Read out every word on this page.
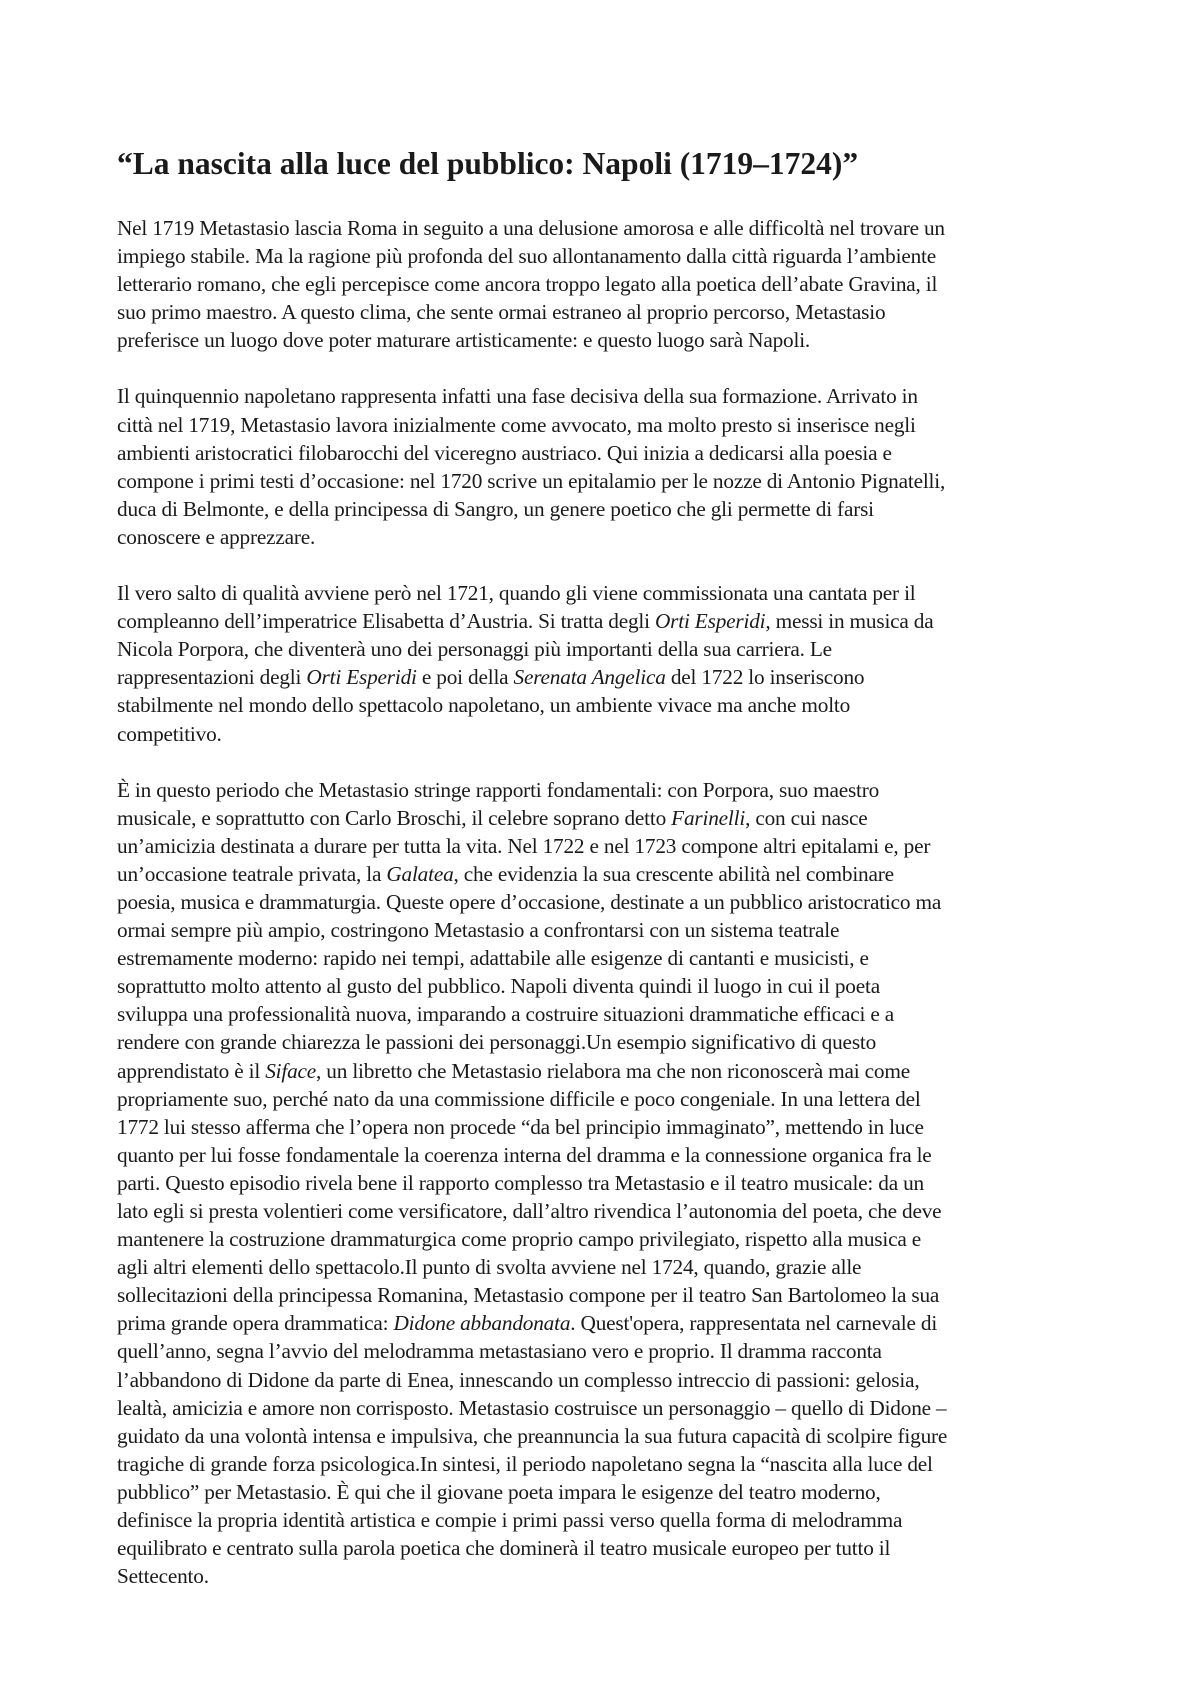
“La nascita alla luce del pubblico: Napoli (1719–1724)”

Nel 1719 Metastasio lascia Roma in seguito a una delusione amorosa e alle difficoltà nel trovare un
impiego stabile. Ma la ragione più profonda del suo allontanamento dalla città riguarda l’ambiente
letterario romano, che egli percepisce come ancora troppo legato alla poetica dell’abate Gravina, il
suo primo maestro. A questo clima, che sente ormai estraneo al proprio percorso, Metastasio
preferisce un luogo dove poter maturare artisticamente: e questo luogo sarà Napoli.

Il quinquennio napoletano rappresenta infatti una fase decisiva della sua formazione. Arrivato in
città nel 1719, Metastasio lavora inizialmente come avvocato, ma molto presto si inserisce negli
ambienti aristocratici filobarocchi del viceregno austriaco. Qui inizia a dedicarsi alla poesia e
compone i primi testi d’occasione: nel 1720 scrive un epitalamio per le nozze di Antonio Pignatelli,
duca di Belmonte, e della principessa di Sangro, un genere poetico che gli permette di farsi
conoscere e apprezzare.

Il vero salto di qualità avviene però nel 1721, quando gli viene commissionata una cantata per il
compleanno dell’imperatrice Elisabetta d’Austria. Si tratta degli Orti Esperidi, messi in musica da
Nicola Porpora, che diventerà uno dei personaggi più importanti della sua carriera. Le
rappresentazioni degli Orti Esperidi e poi della Serenata Angelica del 1722 lo inseriscono
stabilmente nel mondo dello spettacolo napoletano, un ambiente vivace ma anche molto
competitivo.

È in questo periodo che Metastasio stringe rapporti fondamentali: con Porpora, suo maestro
musicale, e soprattutto con Carlo Broschi, il celebre soprano detto Farinelli, con cui nasce
un’amicizia destinata a durare per tutta la vita. Nel 1722 e nel 1723 compone altri epitalami e, per
un’occasione teatrale privata, la Galatea, che evidenzia la sua crescente abilità nel combinare
poesia, musica e drammaturgia. Queste opere d’occasione, destinate a un pubblico aristocratico ma
ormai sempre più ampio, costringono Metastasio a confrontarsi con un sistema teatrale
estremamente moderno: rapido nei tempi, adattabile alle esigenze di cantanti e musicisti, e
soprattutto molto attento al gusto del pubblico. Napoli diventa quindi il luogo in cui il poeta
sviluppa una professionalità nuova, imparando a costruire situazioni drammatiche efficaci e a
rendere con grande chiarezza le passioni dei personaggi.Un esempio significativo di questo
apprendistato è il Siface, un libretto che Metastasio rielabora ma che non riconoscerà mai come
propriamente suo, perché nato da una commissione difficile e poco congeniale. In una lettera del
1772 lui stesso afferma che l’opera non procede “da bel principio immaginato”, mettendo in luce
quanto per lui fosse fondamentale la coerenza interna del dramma e la connessione organica fra le
parti. Questo episodio rivela bene il rapporto complesso tra Metastasio e il teatro musicale: da un
lato egli si presta volentieri come versificatore, dall’altro rivendica l’autonomia del poeta, che deve
mantenere la costruzione drammaturgica come proprio campo privilegiato, rispetto alla musica e
agli altri elementi dello spettacolo.Il punto di svolta avviene nel 1724, quando, grazie alle
sollecitazioni della principessa Romanina, Metastasio compone per il teatro San Bartolomeo la sua
prima grande opera drammatica: Didone abbandonata. Quest'opera, rappresentata nel carnevale di
quell’anno, segna l’avvio del melodramma metastasiano vero e proprio. Il dramma racconta
l’abbandono di Didone da parte di Enea, innescando un complesso intreccio di passioni: gelosia,
lealtà, amicizia e amore non corrisposto. Metastasio costruisce un personaggio – quello di Didone –
guidato da una volontà intensa e impulsiva, che preannuncia la sua futura capacità di scolpire figure
tragiche di grande forza psicologica.In sintesi, il periodo napoletano segna la “nascita alla luce del
pubblico” per Metastasio. È qui che il giovane poeta impara le esigenze del teatro moderno,
definisce la propria identità artistica e compie i primi passi verso quella forma di melodramma
equilibrato e centrato sulla parola poetica che dominerà il teatro musicale europeo per tutto il
Settecento.
